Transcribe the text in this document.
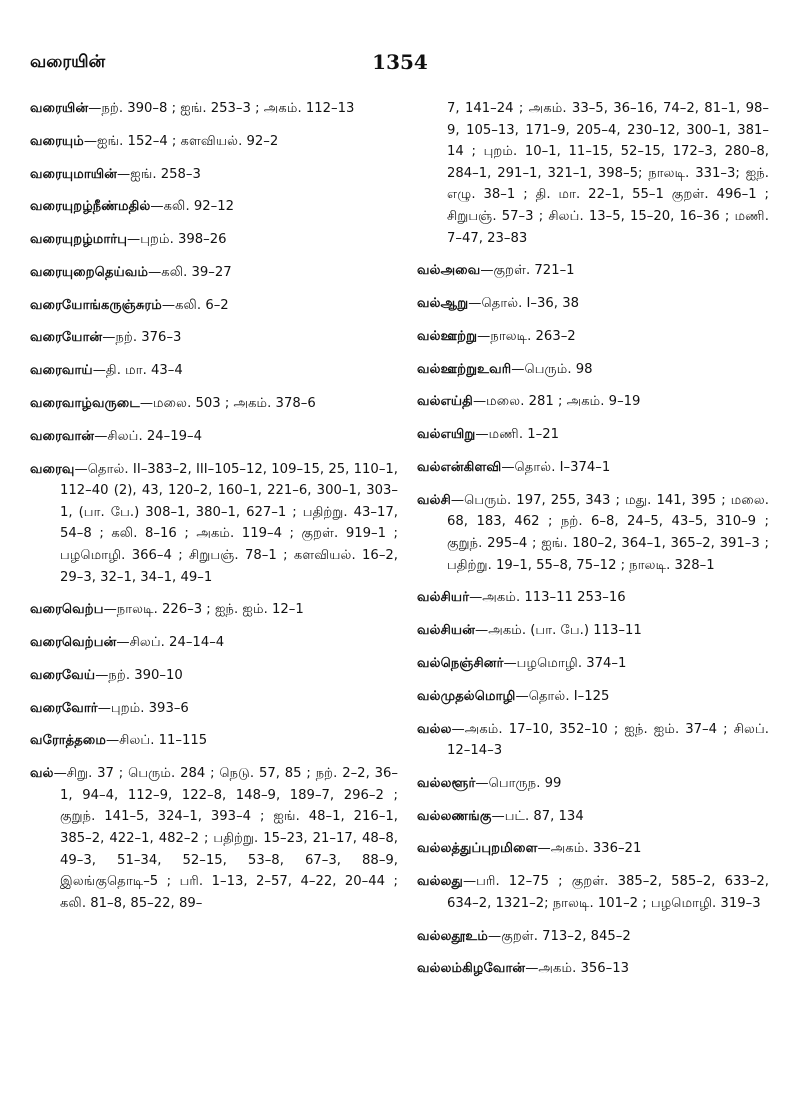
வரையின்	1354

வரையின்—நற். 390–8 ; ஐங். 253–3 ; அகம். 112–13

வரையும்—ஐங். 152–4 ; களவியல். 92–2

வரையுமாயின்—ஐங். 258–3

வரையுறழ்நீண்மதில்—கலி. 92–12

வரையுறழ்மார்பு—புறம். 398–26

வரையுறைதெய்வம்—கலி. 39–27

வரையோங்கருஞ்சுரம்—கலி. 6–2

வரையோன்—நற். 376–3

வரைவாய்—தி. மா. 43–4

வரைவாழ்வருடை—மலை. 503 ; அகம். 378–6

வரைவான்—சிலப். 24–19–4

வரைவு—தொல். II–383–2, III–105–12, 109–15, 25, 110–1, 112–40 (2), 43, 120–2, 160–1, 221–6, 300–1, 303–1, (பா. பே.) 308–1, 380–1, 627–1 ; பதிற்று. 43–17, 54–8 ; கலி. 8–16 ; அகம். 119–4 ; குறள். 919–1 ; பழமொழி. 366–4 ; சிறுபஞ். 78–1 ; களவியல். 16–2, 29–3, 32–1, 34–1, 49–1

வரைவெற்ப—நாலடி. 226–3 ; ஐந். ஐம். 12–1

வரைவெற்பன்—சிலப். 24–14–4

வரைவேய்—நற். 390–10

வரைவோர்—புறம். 393–6

வரோத்தமை—சிலப். 11–115

வல்—சிறு. 37 ; பெரும். 284 ; நெடு. 57, 85 ; நற். 2–2, 36–1, 94–4, 112–9, 122–8, 148–9, 189–7, 296–2 ; குறுந். 141–5, 324–1, 393–4 ; ஐங். 48–1, 216–1, 385–2, 422–1, 482–2 ; பதிற்று. 15–23, 21–17, 48–8, 49–3, 51–34, 52–15, 53–8, 67–3, 88–9, இலங்குதொடி–5 ; பரி. 1–13, 2–57, 4–22, 20–44 ; கலி. 81–8, 85–22, 89–

7, 141–24 ; அகம். 33–5, 36–16, 74–2, 81–1, 98–9, 105–13, 171–9, 205–4, 230–12, 300–1, 381–14 ; புறம். 10–1, 11–15, 52–15, 172–3, 280–8, 284–1, 291–1, 321–1, 398–5; நாலடி. 331–3; ஐந். எழு. 38–1 ; தி. மா. 22–1, 55–1 குறள். 496–1 ; சிறுபஞ். 57–3 ; சிலப். 13–5, 15–20, 16–36 ; மணி. 7–47, 23–83

வல்அவை—குறள். 721–1

வல்ஆறு—தொல். I–36, 38

வல்ஊற்று—நாலடி. 263–2

வல்ஊற்றுஉவரி—பெரும். 98

வல்எய்தி—மலை. 281 ; அகம். 9–19

வல்எயிறு—மணி. 1–21

வல்என்கிளவி—தொல். I–374–1

வல்சி—பெரும். 197, 255, 343 ; மது. 141, 395 ; மலை. 68, 183, 462 ; நற். 6–8, 24–5, 43–5, 310–9 ; குறுந். 295–4 ; ஐங். 180–2, 364–1, 365–2, 391–3 ; பதிற்று. 19–1, 55–8, 75–12 ; நாலடி. 328–1

வல்சியர்—அகம். 113–11 253–16

வல்சியன்—அகம். (பா. பே.) 113–11

வல்நெஞ்சினர்—பழமொழி. 374–1

வல்முதல்மொழி—தொல். I–125

வல்ல—அகம். 17–10, 352–10 ; ஐந். ஐம். 37–4 ; சிலப். 12–14–3

வல்லளூர்—பொருந. 99

வல்லணங்கு—பட். 87, 134

வல்லத்துப்புறமிளை—அகம். 336–21

வல்லது—பரி. 12–75 ; குறள். 385–2, 585–2, 633–2, 634–2, 1321–2; நாலடி. 101–2 ; பழமொழி. 319–3

வல்லதூஉம்—குறள். 713–2, 845–2

வல்லம்கிழவோன்—அகம். 356–13
